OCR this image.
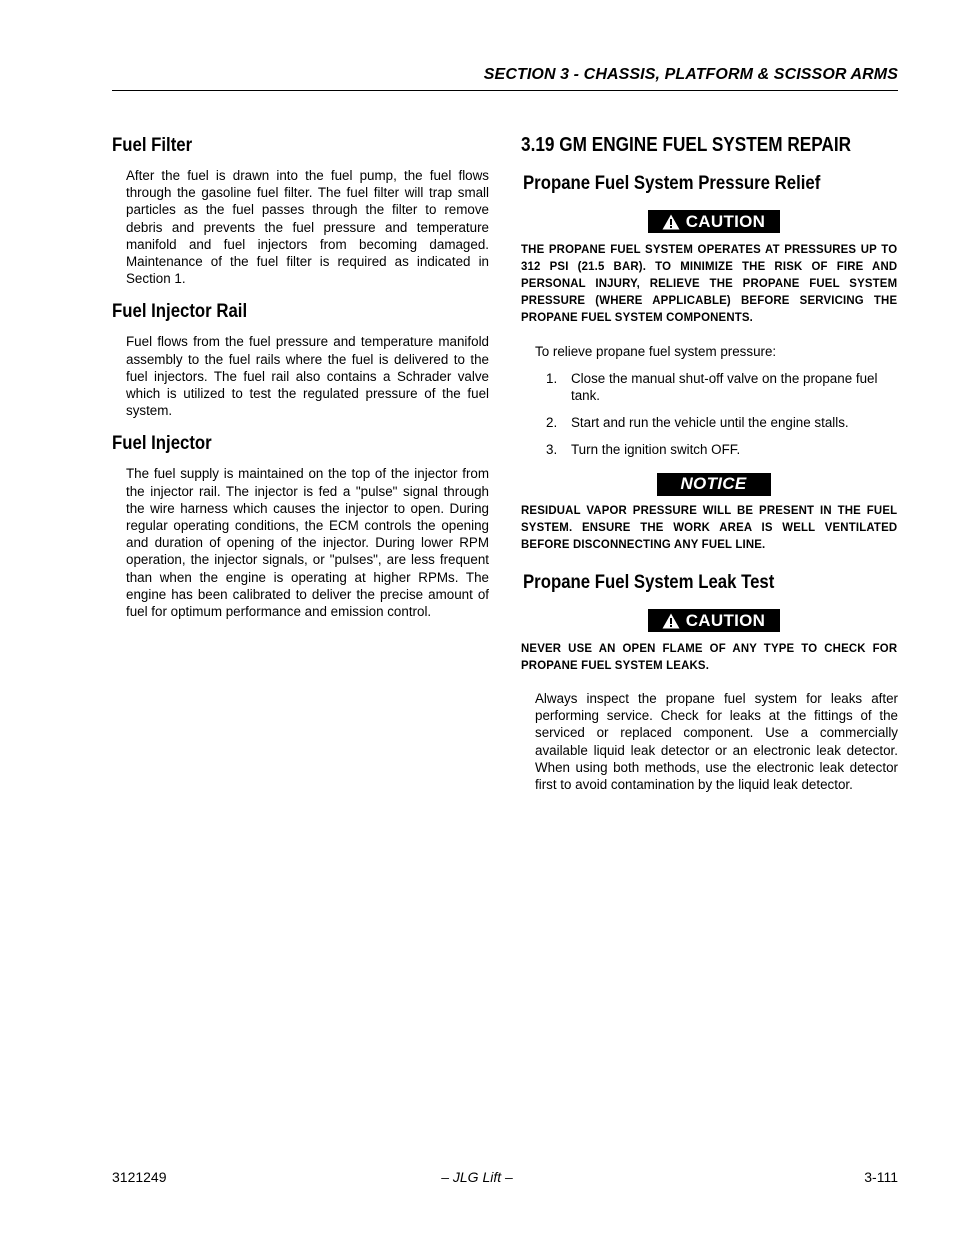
SECTION 3 - CHASSIS, PLATFORM & SCISSOR ARMS
Fuel Filter

After the fuel is drawn into the fuel pump, the fuel flows through the gasoline fuel filter. The fuel filter will trap small particles as the fuel passes through the filter to remove debris and prevents the fuel pressure and temperature manifold and fuel injectors from becoming damaged. Maintenance of the fuel filter is required as indicated in Section 1.

Fuel Injector Rail

Fuel flows from the fuel pressure and temperature manifold assembly to the fuel rails where the fuel is delivered to the fuel injectors. The fuel rail also contains a Schrader valve which is utilized to test the regulated pressure of the fuel system.

Fuel Injector

The fuel supply is maintained on the top of the injector from the injector rail. The injector is fed a "pulse" signal through the wire harness which causes the injector to open. During regular operating conditions, the ECM controls the opening and duration of opening of the injector. During lower RPM operation, the injector signals, or "pulses", are less frequent than when the engine is operating at higher RPMs. The engine has been calibrated to deliver the precise amount of fuel for optimum performance and emission control.

3.19 GM ENGINE FUEL SYSTEM REPAIR
Propane Fuel System Pressure Relief
CAUTION

THE PROPANE FUEL SYSTEM OPERATES AT PRESSURES UP TO 312 PSI (21.5 BAR). TO MINIMIZE THE RISK OF FIRE AND PERSONAL INJURY, RELIEVE THE PROPANE FUEL SYSTEM PRESSURE (WHERE APPLICABLE) BEFORE SERVICING THE PROPANE FUEL SYSTEM COMPONENTS.

To relieve propane fuel system pressure:

1. Close the manual shut-off valve on the propane fuel tank.
2. Start and run the vehicle until the engine stalls.
3. Turn the ignition switch OFF.
NOTICE

RESIDUAL VAPOR PRESSURE WILL BE PRESENT IN THE FUEL SYSTEM. ENSURE THE WORK AREA IS WELL VENTILATED BEFORE DISCONNECTING ANY FUEL LINE.

Propane Fuel System Leak Test
CAUTION

NEVER USE AN OPEN FLAME OF ANY TYPE TO CHECK FOR PROPANE FUEL SYSTEM LEAKS.

Always inspect the propane fuel system for leaks after performing service. Check for leaks at the fittings of the serviced or replaced component. Use a commercially available liquid leak detector or an electronic leak detector. When using both methods, use the electronic leak detector first to avoid contamination by the liquid leak detector.

– JLG Lift –
3121249	3-111
